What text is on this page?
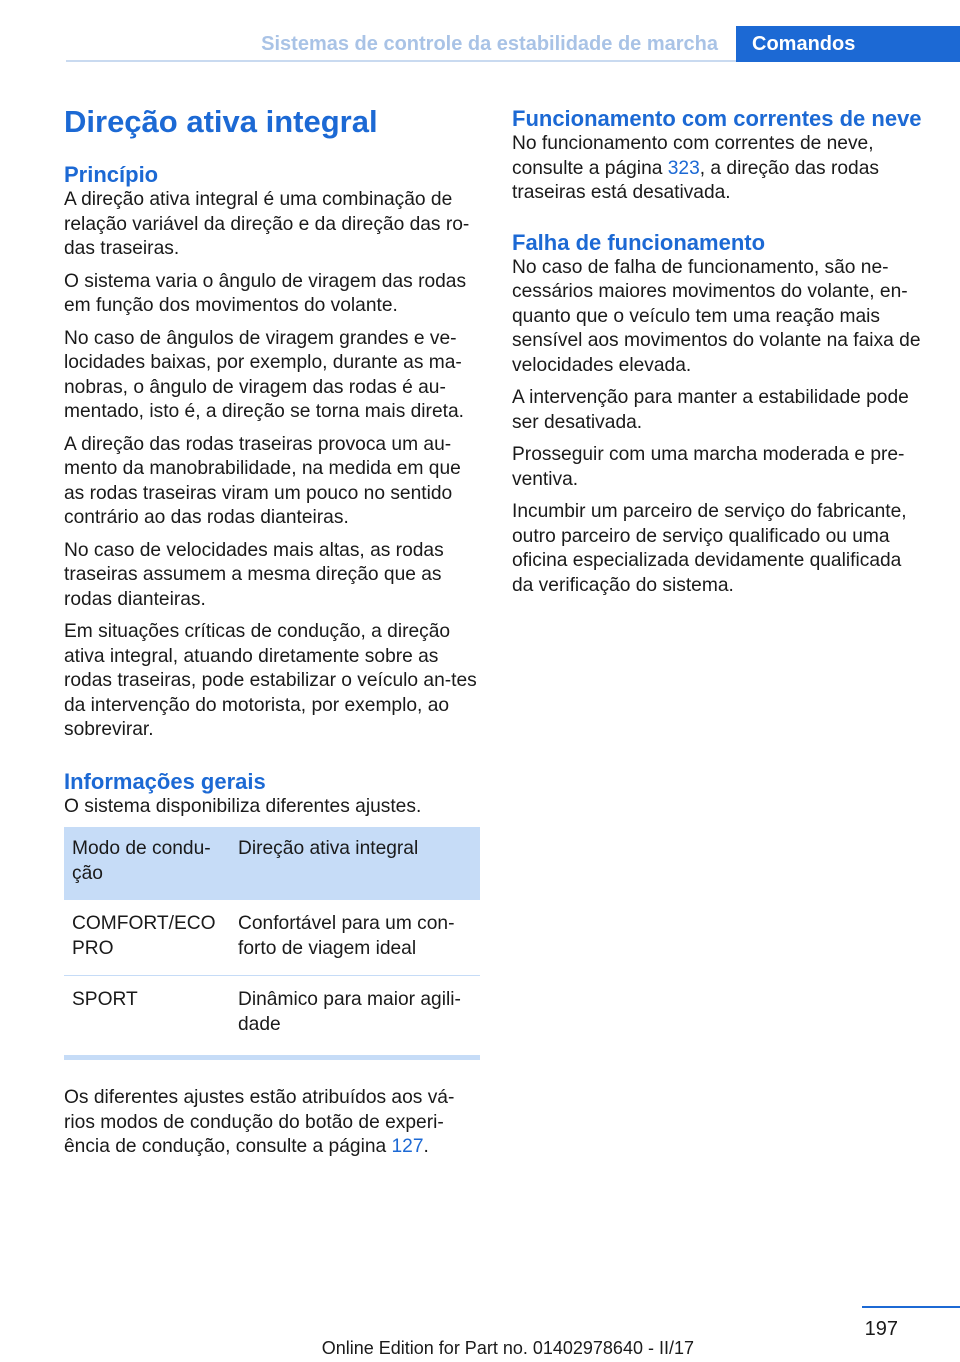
Sistemas de controle da estabilidade de marcha	Comandos
Direção ativa integral
Princípio

A direção ativa integral é uma combinação de relação variável da direção e da direção das ro-das traseiras.

O sistema varia o ângulo de viragem das rodas em função dos movimentos do volante.

No caso de ângulos de viragem grandes e ve-locidades baixas, por exemplo, durante as ma-nobras, o ângulo de viragem das rodas é au-mentado, isto é, a direção se torna mais direta.

A direção das rodas traseiras provoca um au-mento da manobrabilidade, na medida em que as rodas traseiras viram um pouco no sentido contrário ao das rodas dianteiras.

No caso de velocidades mais altas, as rodas traseiras assumem a mesma direção que as rodas dianteiras.

Em situações críticas de condução, a direção ativa integral, atuando diretamente sobre as rodas traseiras, pode estabilizar o veículo an-tes da intervenção do motorista, por exemplo, ao sobrevirar.

Informações gerais

O sistema disponibiliza diferentes ajustes.

Modo de condu-ção	Direção ativa integral
COMFORT/ECO PRO	Confortável para um con-forto de viagem ideal
SPORT	Dinâmico para maior agili-dade

Os diferentes ajustes estão atribuídos aos vá-rios modos de condução do botão de experi-ência de condução, consulte a página 127.

Funcionamento com correntes de neve

No funcionamento com correntes de neve, consulte a página 323, a direção das rodas traseiras está desativada.

Falha de funcionamento

No caso de falha de funcionamento, são ne-cessários maiores movimentos do volante, en-quanto que o veículo tem uma reação mais sensível aos movimentos do volante na faixa de velocidades elevada.

A intervenção para manter a estabilidade pode ser desativada.

Prosseguir com uma marcha moderada e pre-ventiva.

Incumbir um parceiro de serviço do fabricante, outro parceiro de serviço qualificado ou uma oficina especializada devidamente qualificada da verificação do sistema.

197
Online Edition for Part no. 01402978640 - II/17
